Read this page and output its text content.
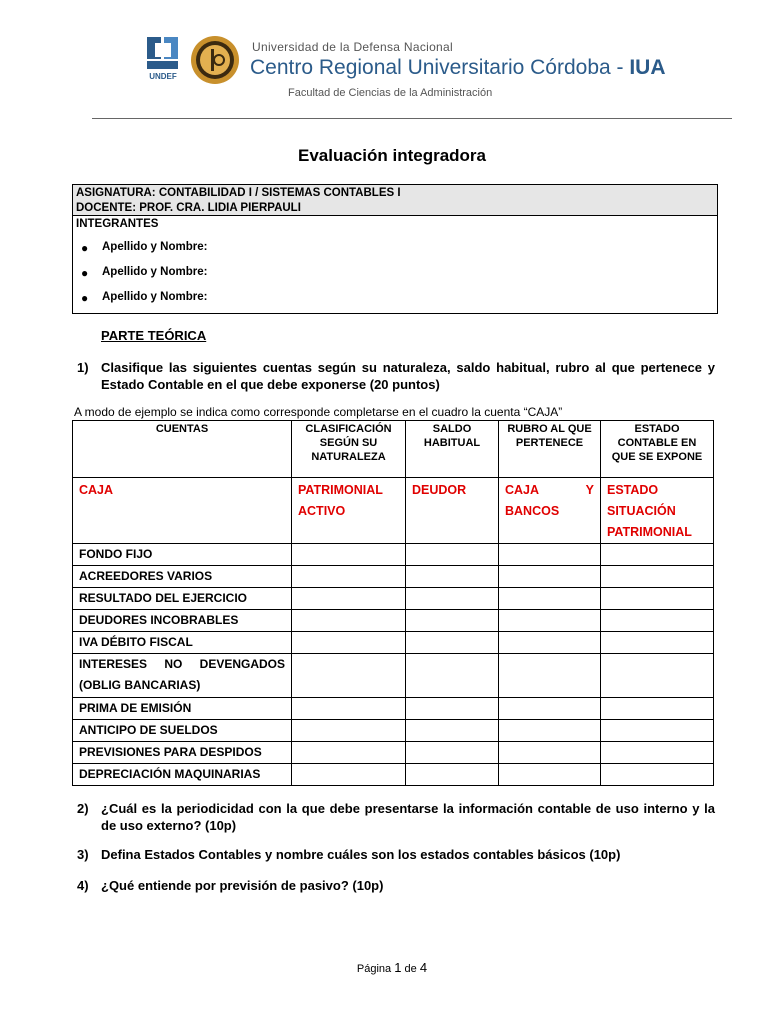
UNDEF
Universidad de la Defensa Nacional
Centro Regional Universitario Córdoba - IUA
Facultad de Ciencias de la Administración
Evaluación integradora
ASIGNATURA: CONTABILIDAD I / SISTEMAS CONTABLES I
DOCENTE: PROF. CRA. LIDIA PIERPAULI
INTEGRANTES
● Apellido y Nombre:
● Apellido y Nombre:
● Apellido y Nombre:
PARTE TEÓRICA
1) Clasifique las siguientes cuentas según su naturaleza, saldo habitual, rubro al que pertenece y Estado Contable en el que debe exponerse (20 puntos)
A modo de ejemplo se indica como corresponde completarse en el cuadro la cuenta “CAJA”
CUENTAS	CLASIFICACIÓN SEGÚN SU NATURALEZA	SALDO HABITUAL	RUBRO AL QUE PERTENECE	ESTADO CONTABLE EN QUE SE EXPONE
CAJA	PATRIMONIAL ACTIVO	DEUDOR	CAJA Y BANCOS	ESTADO SITUACIÓN PATRIMONIAL
FONDO FIJO				
ACREEDORES VARIOS				
RESULTADO DEL EJERCICIO				
DEUDORES INCOBRABLES				
IVA DÉBITO FISCAL				
INTERESES NO DEVENGADOS (OBLIG BANCARIAS)				
PRIMA DE EMISIÓN				
ANTICIPO DE SUELDOS				
PREVISIONES PARA DESPIDOS				
DEPRECIACIÓN MAQUINARIAS				
2) ¿Cuál es la periodicidad con la que debe presentarse la información contable de uso interno y la de uso externo? (10p)
3) Defina Estados Contables y nombre cuáles son los estados contables básicos (10p)
4) ¿Qué entiende por previsión de pasivo? (10p)
Página 1 de 4
